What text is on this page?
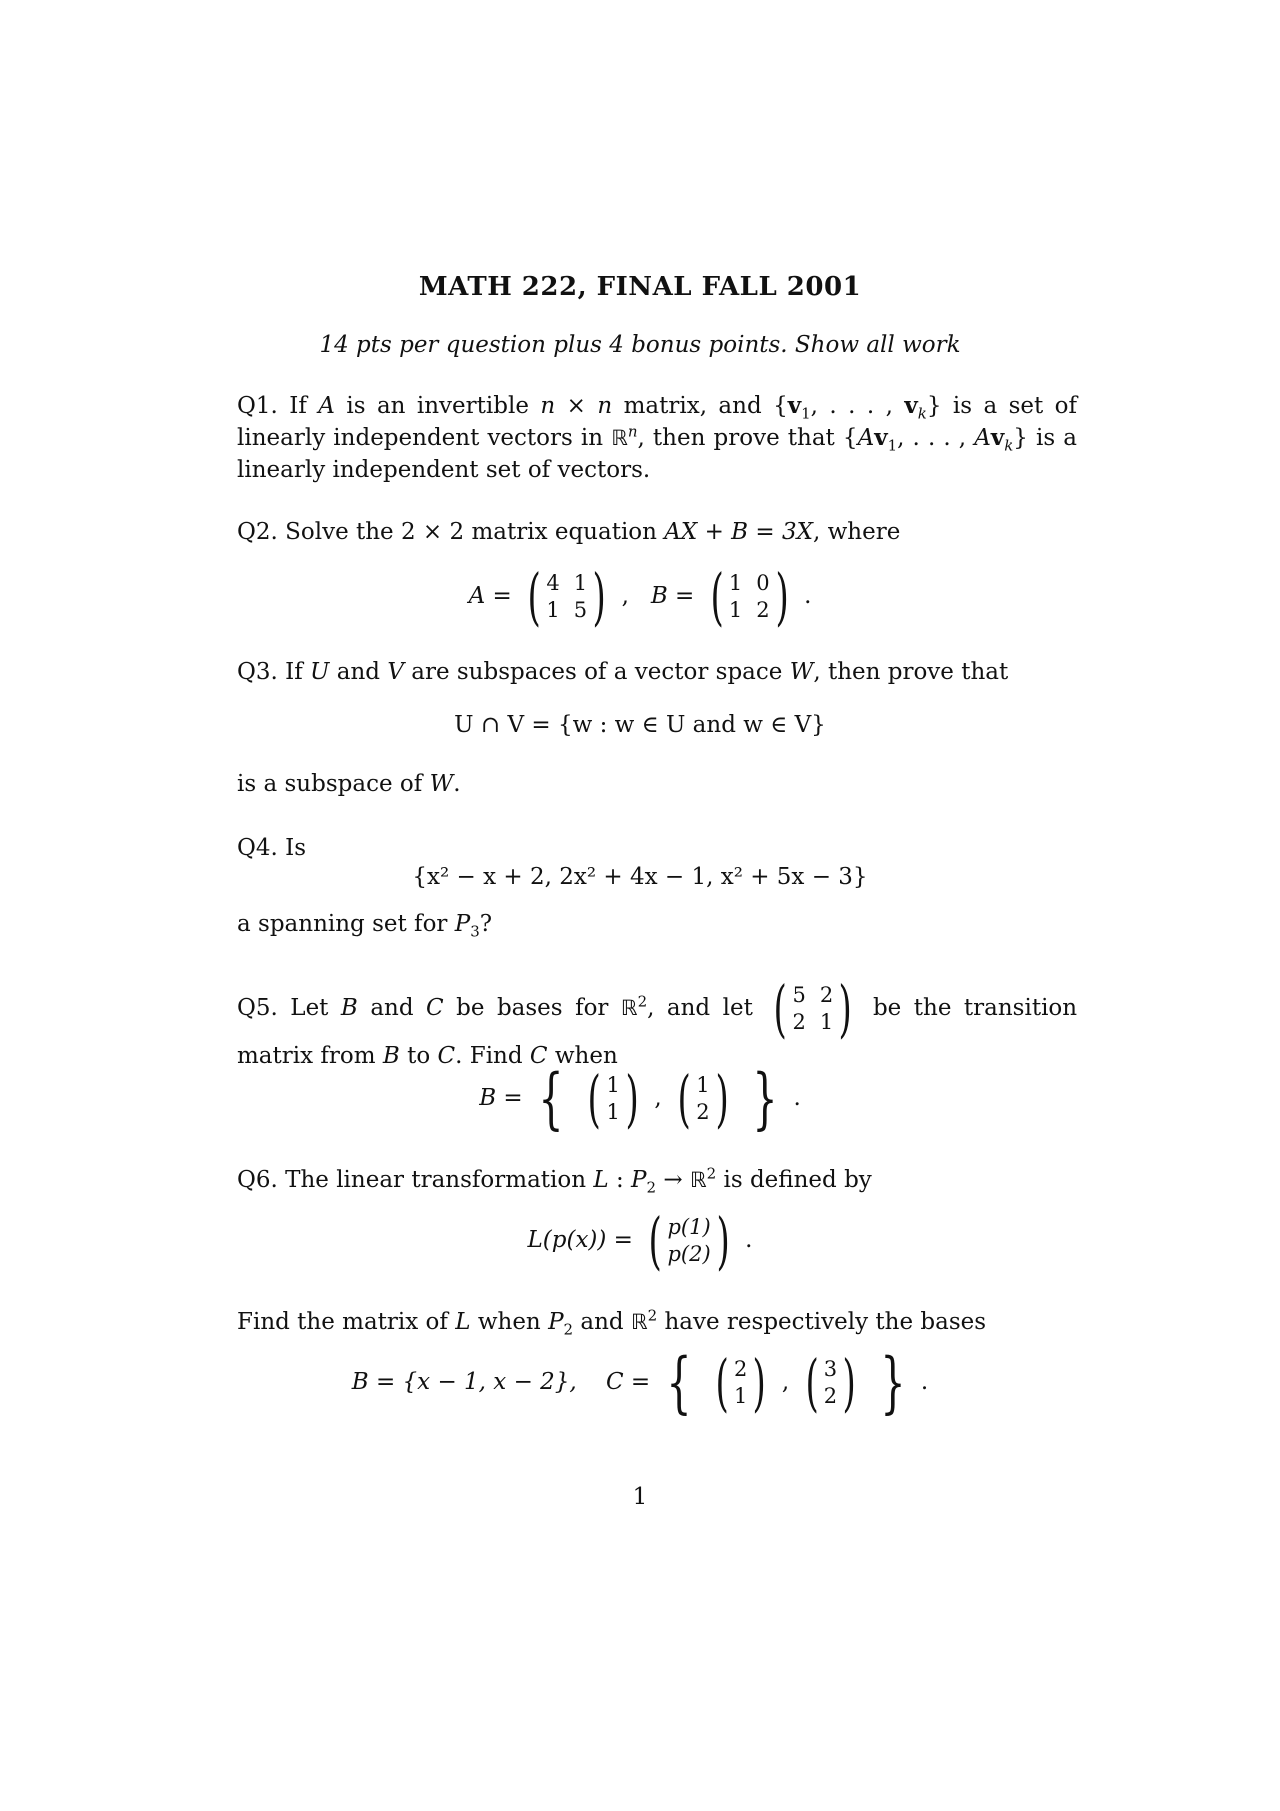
MATH 222, FINAL FALL 2001
14 pts per question plus 4 bonus points. Show all work
Q1. If A is an invertible n × n matrix, and {$v_1$, . . . , $v_k$} is a set of linearly independent vectors in ℝ$^n$, then prove that {$Av_1$, . . . , $Av_k$} is a linearly independent set of vectors.
Q2. Solve the 2 × 2 matrix equation AX + B = 3X, where
A = ( 4 1
1 5 ) ,   B = ( 1 0
1 2 ) .
Q3. If U and V are subspaces of a vector space W, then prove that
U ∩ V = {w : w ∈ U and w ∈ V}
is a subspace of W.
Q4. Is
{x² − x + 2, 2x² + 4x − 1, x² + 5x − 3}
a spanning set for $P_3$?
Q5. Let B and C be bases for ℝ$^2$, and let ( 5 2
2 1 ) be the transition matrix from B to C. Find C when
B = { ( 1
1 ) , ( 1
2 ) } .
Q6. The linear transformation L : $P_2$ → ℝ$^2$ is defined by
L(p(x)) = ( p(1)
p(2) ) .
Find the matrix of L when $P_2$ and ℝ$^2$ have respectively the bases
B = {x − 1, x − 2}, C = { ( 2
1 ) , ( 3
2 ) } .
1
